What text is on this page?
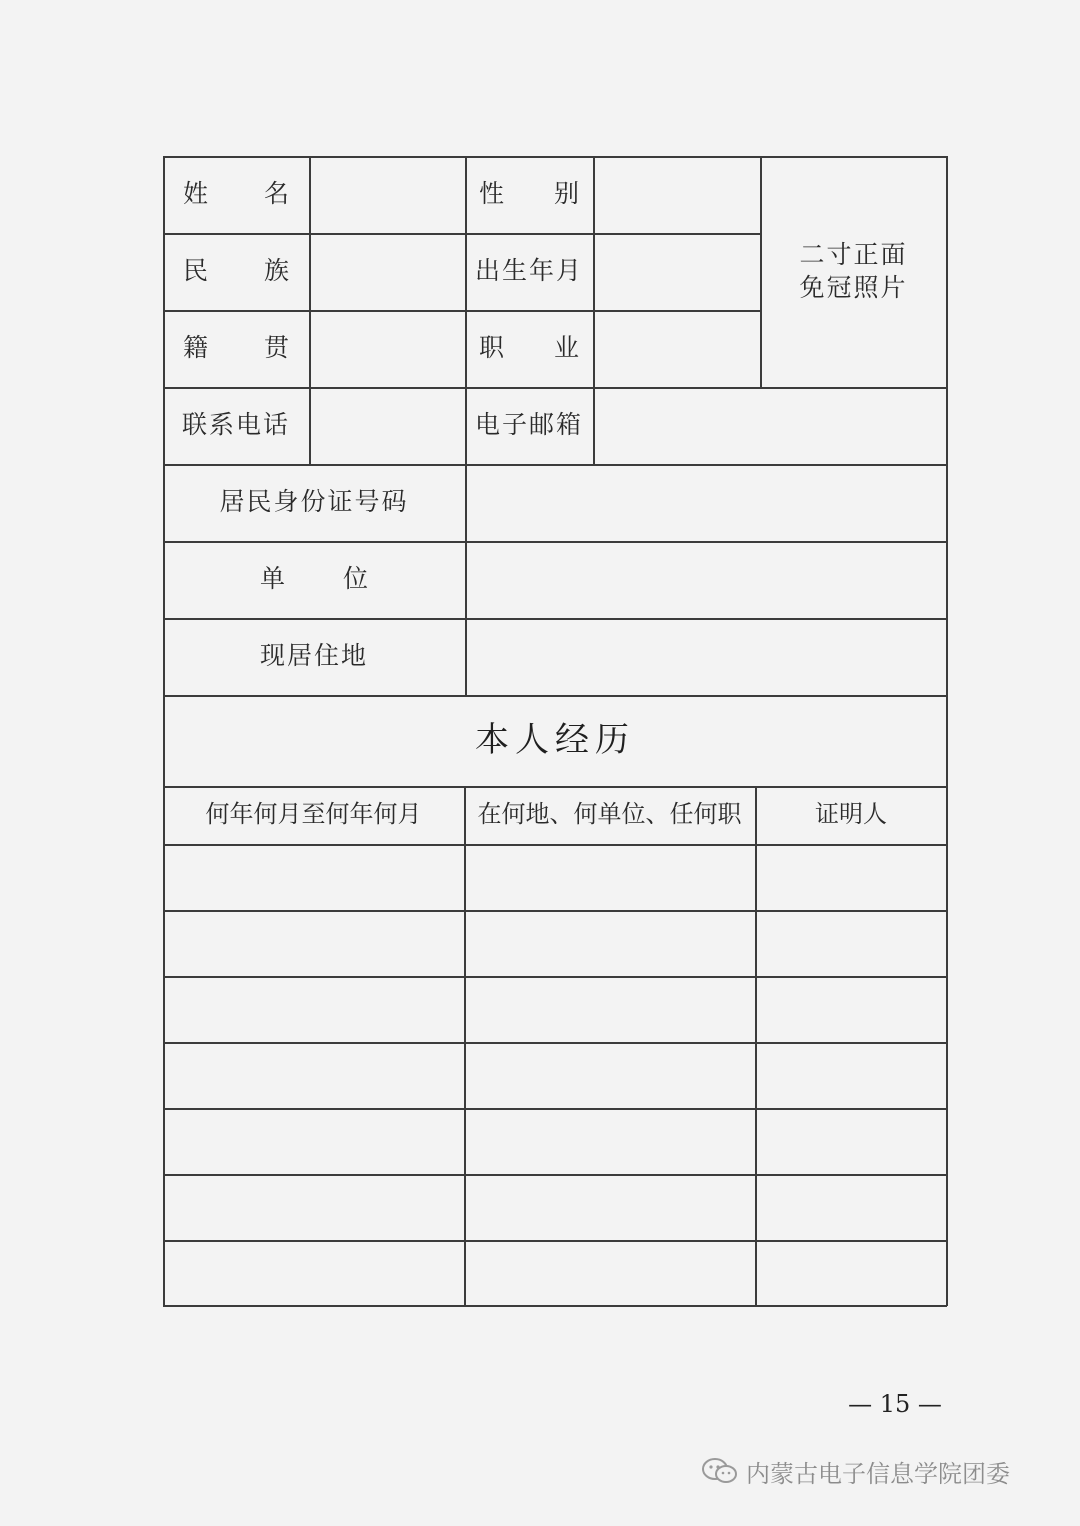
姓 名	性 别
二寸正面
免冠照片
民 族	出生年月
籍 贯	职 业
联系电话	电子邮箱
居民身份证号码
单 位
现居住地
本人经历
何年何月至何年何月	在何地、何单位、任何职	证明人
— 15 —
内蒙古电子信息学院团委
